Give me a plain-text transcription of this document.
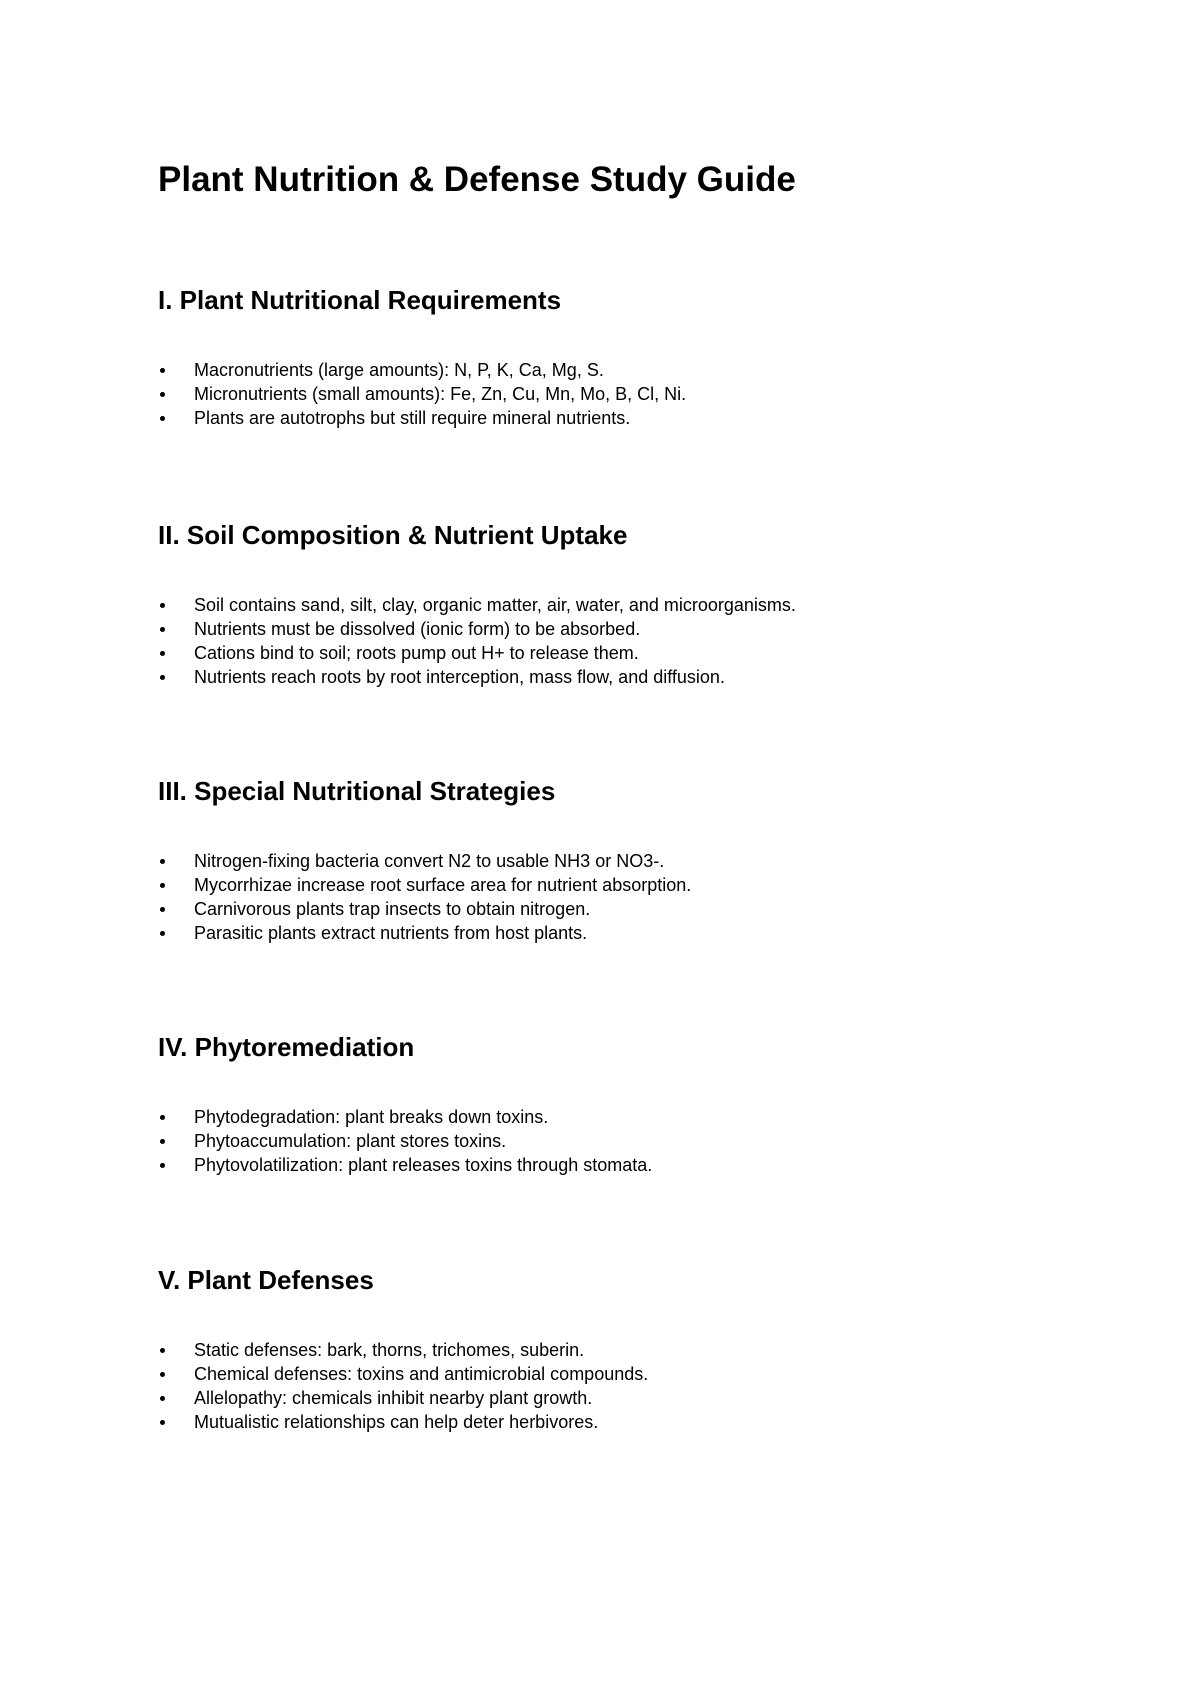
Plant Nutrition & Defense Study Guide
I. Plant Nutritional Requirements
Macronutrients (large amounts): N, P, K, Ca, Mg, S.
Micronutrients (small amounts): Fe, Zn, Cu, Mn, Mo, B, Cl, Ni.
Plants are autotrophs but still require mineral nutrients.
II. Soil Composition & Nutrient Uptake
Soil contains sand, silt, clay, organic matter, air, water, and microorganisms.
Nutrients must be dissolved (ionic form) to be absorbed.
Cations bind to soil; roots pump out H+ to release them.
Nutrients reach roots by root interception, mass flow, and diffusion.
III. Special Nutritional Strategies
Nitrogen-fixing bacteria convert N2 to usable NH3 or NO3-.
Mycorrhizae increase root surface area for nutrient absorption.
Carnivorous plants trap insects to obtain nitrogen.
Parasitic plants extract nutrients from host plants.
IV. Phytoremediation
Phytodegradation: plant breaks down toxins.
Phytoaccumulation: plant stores toxins.
Phytovolatilization: plant releases toxins through stomata.
V. Plant Defenses
Static defenses: bark, thorns, trichomes, suberin.
Chemical defenses: toxins and antimicrobial compounds.
Allelopathy: chemicals inhibit nearby plant growth.
Mutualistic relationships can help deter herbivores.
